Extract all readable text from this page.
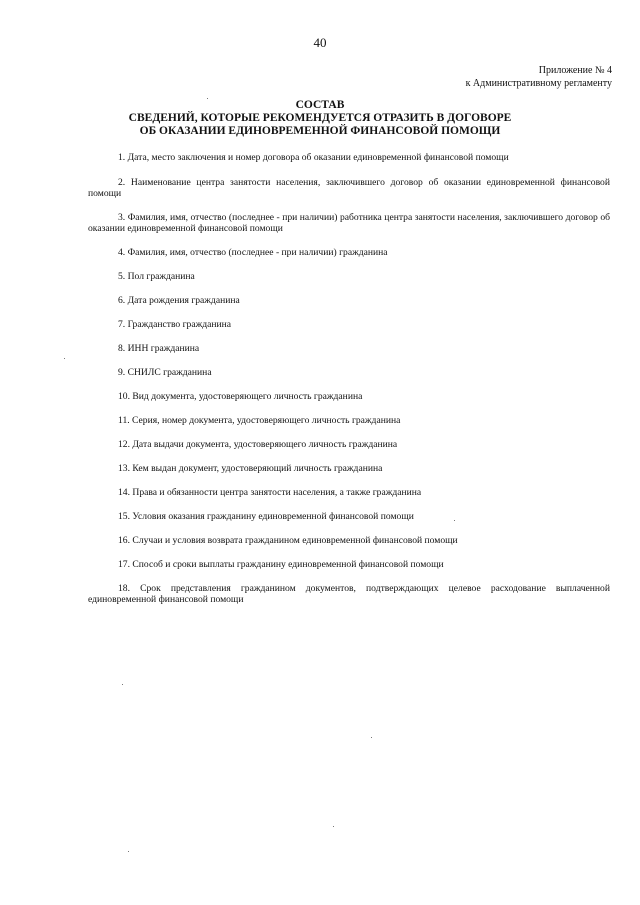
40
Приложение № 4
к Административному регламенту
СОСТАВ
СВЕДЕНИЙ, КОТОРЫЕ РЕКОМЕНДУЕТСЯ ОТРАЗИТЬ В ДОГОВОРЕ
ОБ ОКАЗАНИИ ЕДИНОВРЕМЕННОЙ ФИНАНСОВОЙ ПОМОЩИ
1. Дата, место заключения и номер договора об оказании единовременной финансовой помощи
2. Наименование центра занятости населения, заключившего договор об оказании единовременной финансовой помощи
3. Фамилия, имя, отчество (последнее - при наличии) работника центра занятости населения, заключившего договор об оказании единовременной финансовой помощи
4. Фамилия, имя, отчество (последнее - при наличии) гражданина
5. Пол гражданина
6. Дата рождения гражданина
7. Гражданство гражданина
8. ИНН гражданина
9. СНИЛС гражданина
10. Вид документа, удостоверяющего личность гражданина
11. Серия, номер документа, удостоверяющего личность гражданина
12. Дата выдачи документа, удостоверяющего личность гражданина
13. Кем выдан документ, удостоверяющий личность гражданина
14. Права и обязанности центра занятости населения, а также гражданина
15. Условия оказания гражданину единовременной финансовой помощи
16. Случаи и условия возврата гражданином единовременной финансовой помощи
17. Способ и сроки выплаты гражданину единовременной финансовой помощи
18. Срок представления гражданином документов, подтверждающих целевое расходование выплаченной единовременной финансовой помощи
